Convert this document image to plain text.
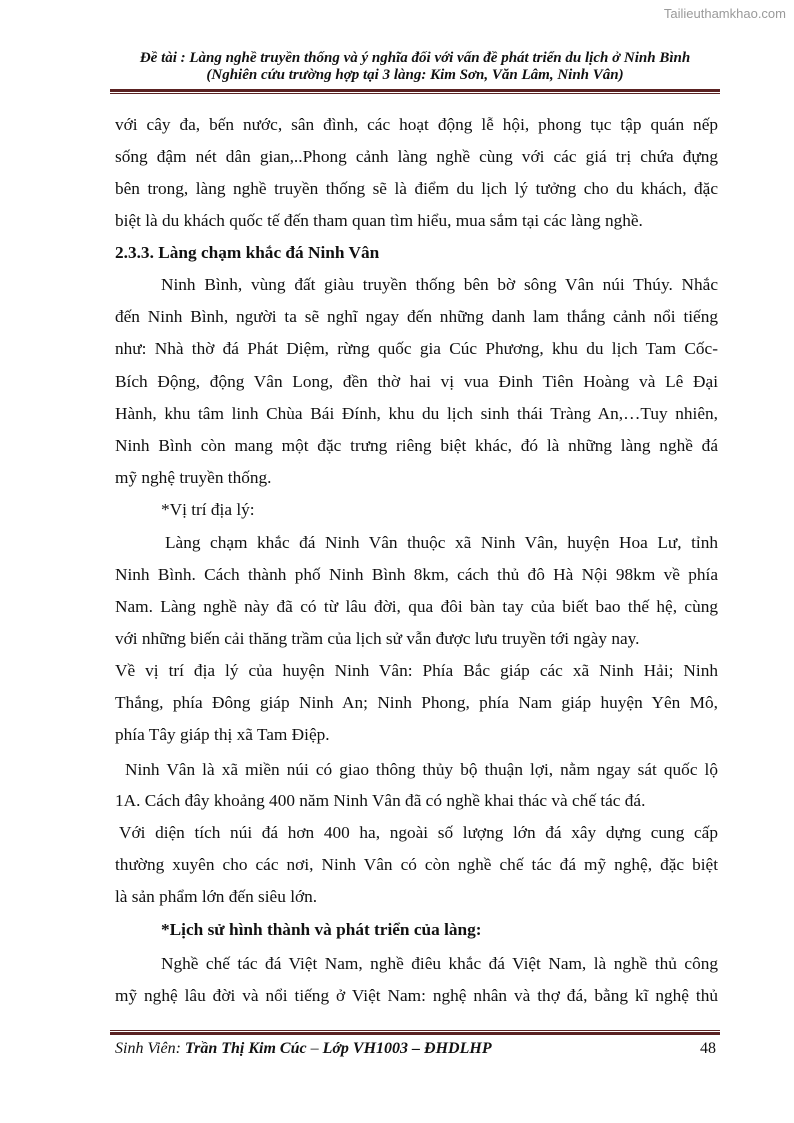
Tailieuthamkhao.com
Đề tài : Làng nghề truyền thống và ý nghĩa đối với vấn đề phát triển du lịch ở Ninh Bình
(Nghiên cứu trường hợp tại 3 làng: Kim Sơn, Văn Lâm, Ninh Vân)
với cây đa, bến nước, sân đình, các hoạt động lễ hội, phong tục tập quán nếp
sống đậm nét dân gian,..Phong cảnh làng nghề cùng với các giá trị chứa đựng
bên trong, làng nghề truyền thống sẽ là điểm du lịch lý tưởng cho du khách, đặc
biệt là du khách quốc tế đến tham quan tìm hiểu, mua sắm tại các làng nghề.
2.3.3. Làng chạm khắc đá Ninh Vân
Ninh Bình, vùng đất giàu truyền thống bên bờ sông Vân núi Thúy. Nhắc
đến Ninh Bình, người ta sẽ nghĩ ngay đến những danh lam thắng cảnh nổi tiếng
như: Nhà thờ đá Phát Diệm, rừng quốc gia Cúc Phương, khu du lịch Tam Cốc-
Bích Động, động Vân Long, đền thờ hai vị vua Đinh Tiên Hoàng và Lê Đại
Hành, khu tâm linh Chùa Bái Đính, khu du lịch sinh thái Tràng An,…Tuy nhiên,
Ninh Bình còn mang một đặc trưng riêng biệt khác, đó là những làng nghề đá
mỹ nghệ truyền thống.
*Vị trí địa lý:
Làng chạm khắc đá Ninh Vân thuộc xã Ninh Vân, huyện Hoa Lư, tỉnh
Ninh Bình. Cách thành phố Ninh Bình 8km, cách thủ đô Hà Nội 98km về phía
Nam. Làng nghề này đã có từ lâu đời, qua đôi bàn tay của biết bao thế hệ, cùng
với những biến cải thăng trầm của lịch sử vẫn được lưu truyền tới ngày nay.
Về vị trí địa lý của huyện Ninh Vân: Phía Bắc giáp các xã Ninh Hải; Ninh
Thắng, phía Đông giáp Ninh An; Ninh Phong, phía Nam giáp huyện Yên Mô,
phía Tây giáp thị xã Tam Điệp.
Ninh Vân là xã miền núi có giao thông thủy bộ thuận lợi, nằm ngay sát quốc lộ
1A. Cách đây khoảng 400 năm Ninh Vân đã có nghề khai thác và chế tác đá.
Với diện tích núi đá hơn 400 ha, ngoài số lượng lớn đá xây dựng cung cấp
thường xuyên cho các nơi, Ninh Vân có còn nghề chế tác đá mỹ nghệ, đặc biệt
là sản phẩm lớn đến siêu lớn.
*Lịch sử hình thành và phát triển của làng:
Nghề chế tác đá Việt Nam, nghề điêu khắc đá Việt Nam, là nghề thủ công
mỹ nghệ lâu đời và nổi tiếng ở Việt Nam: nghệ nhân và thợ đá, bằng kĩ nghệ thủ
Sinh Viên: Trần Thị Kim Cúc – Lớp VH1003 – ĐHDLHP	48
